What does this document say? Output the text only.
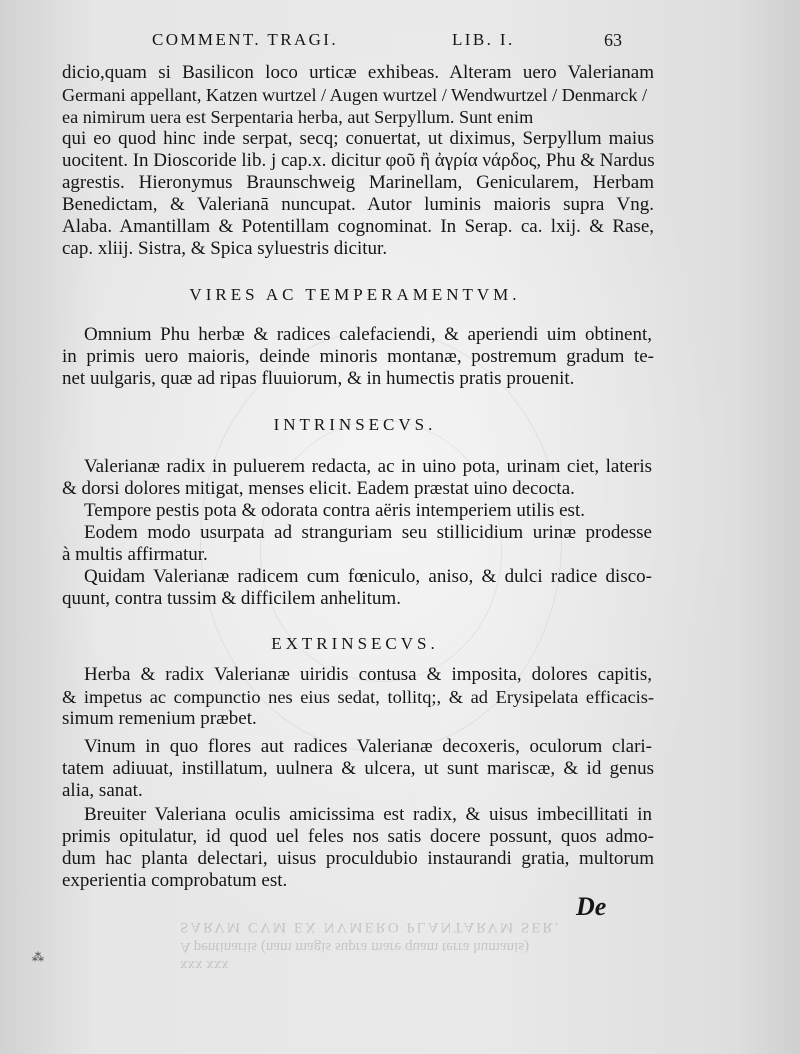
COMMENT. TRAGI.	LIB. I.	63
dicio,quam si Basilicon loco urticæ exhibeas. Alteram uero Valerianam
Germani appellant, Katzen wurtzel / Augen wurtzel / Wendwurtzel / Denmarck / ea nimirum uera est Serpentaria herba, aut Serpyllum. Sunt enim
qui eo quod hinc inde serpat, secq; conuertat, ut diximus, Serpyllum maius
uocitent. In Dioscoride lib. j cap.x. dicitur φοῦ ἢ ἀγρία νάρδος, Phu & Nardus
agrestis. Hieronymus Braunschweig Marinellam, Genicularem, Herbam
Benedictam, & Valerianā nuncupat. Autor luminis maioris supra Vng.
Alaba. Amantillam & Potentillam cognominat. In Serap. ca. lxij. & Rase,
cap. xliij. Sistra, & Spica syluestris dicitur.
VIRES AC TEMPERAMENTVM.
Omnium Phu herbæ & radices calefaciendi, & aperiendi uim obtinent,
in primis uero maioris, deinde minoris montanæ, postremum gradum te-
net uulgaris, quæ ad ripas fluuiorum, & in humectis pratis prouenit.
INTRINSECVS.
Valerianæ radix in puluerem redacta, ac in uino pota, urinam ciet, lateris
& dorsi dolores mitigat, menses elicit. Eadem præstat uino decocta.
Tempore pestis pota & odorata contra aëris intemperiem utilis est.
Eodem modo usurpata ad stranguriam seu stillicidium urinæ prodesse
à multis affirmatur.
Quidam Valerianæ radicem cum fœniculo, aniso, & dulci radice disco-
quunt, contra tussim & difficilem anhelitum.
EXTRINSECVS.
Herba & radix Valerianæ uiridis contusa & imposita, dolores capitis,
& impetus ac compunctio nes eius sedat, tollitq;, & ad Erysipelata efficacis-
simum remenium præbet.
Vinum in quo flores aut radices Valerianæ decoxeris, oculorum clari-
tatem adiuuat, instillatum, uulnera & ulcera, ut sunt mariscæ, & id genus
alia, sanat.
Breuiter Valeriana oculis amicissima est radix, & uisus imbecillitati in
primis opitulatur, id quod uel feles nos satis docere possunt, quos admo-
dum hac planta delectari, uisus proculdubio instaurandi gratia, multorum
experientia comprobatum est.
De
SARVM CVM EX NVMERO PLANTARVM SER.
A pentinariis (nam magis supra mare quam terra humanis)
xxx xxx
⁂
